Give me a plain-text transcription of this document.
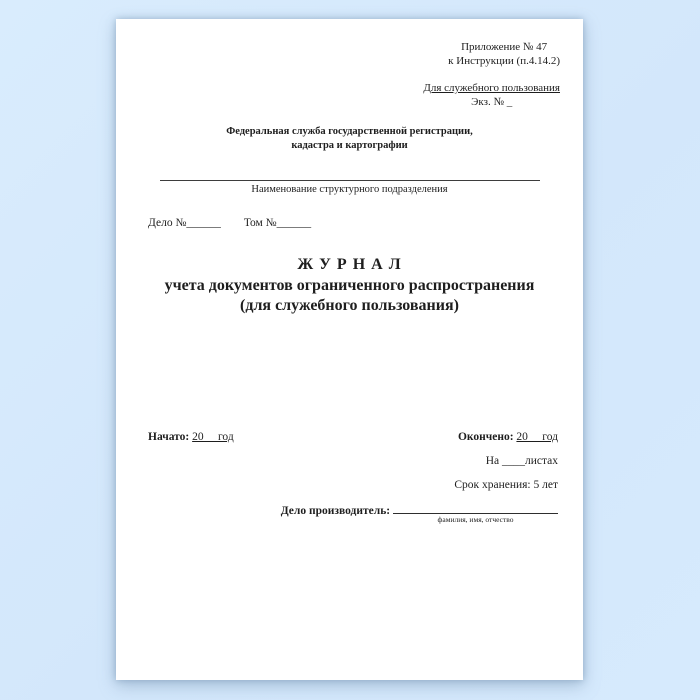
Приложение № 47
к Инструкции (п.4.14.2)
Для служебного пользования
Экз. № _
Федеральная служба государственной регистрации,
кадастра и картографии
Наименование структурного подразделения
Дело №______ Том №______
Ж У Р Н А Л
учета документов ограниченного распространения
(для служебного пользования)
Начато: 20     год	Окончено: 20     год
На ____листах
Срок хранения: 5 лет
Дело производитель:
фамилия, имя, отчество
